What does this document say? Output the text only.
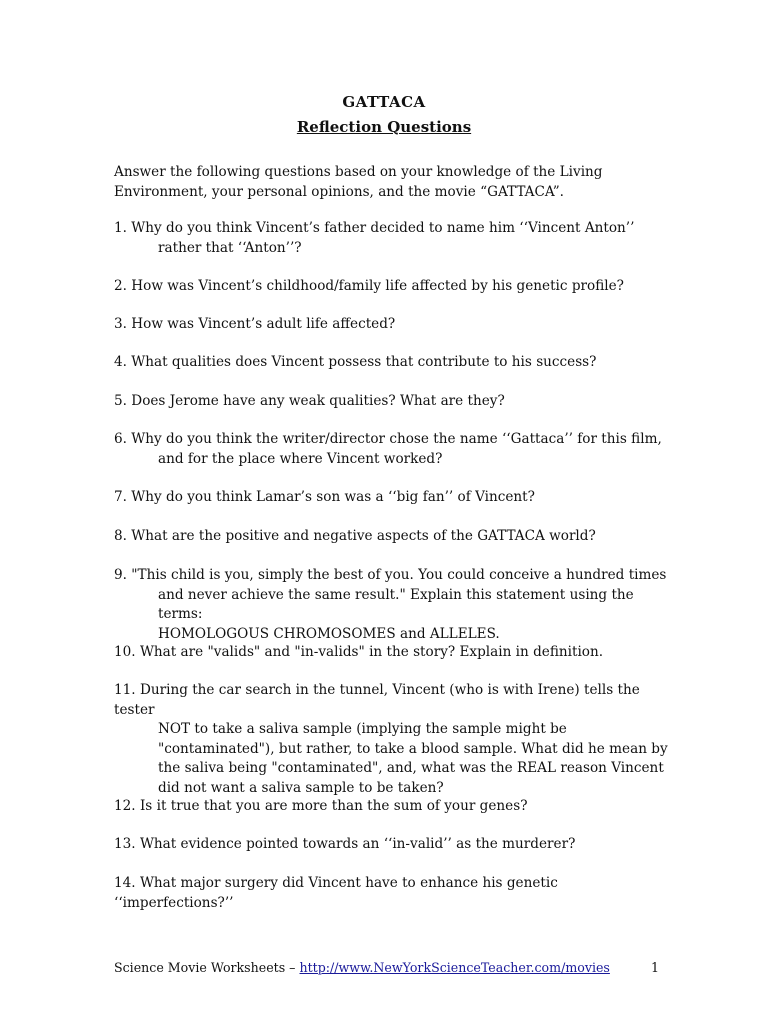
GATTACA
Reflection Questions
Answer the following questions based on your knowledge of the Living
Environment, your personal opinions, and the movie “GATTACA”.
1. Why do you think Vincent’s father decided to name him ‘‘Vincent Anton’’
rather that ‘‘Anton’’?
2. How was Vincent’s childhood/family life affected by his genetic profile?
3. How was Vincent’s adult life affected?
4. What qualities does Vincent possess that contribute to his success?
5. Does Jerome have any weak qualities? What are they?
6. Why do you think the writer/director chose the name ‘‘Gattaca’’ for this film,
and for the place where Vincent worked?
7. Why do you think Lamar’s son was a ‘‘big fan’’ of Vincent?
8. What are the positive and negative aspects of the GATTACA world?
9. "This child is you, simply the best of you. You could conceive a hundred times
and never achieve the same result." Explain this statement using the terms:
HOMOLOGOUS CHROMOSOMES and ALLELES.
10. What are "valids" and "in-valids" in the story? Explain in definition.
11. During the car search in the tunnel, Vincent (who is with Irene) tells the tester
NOT to take a saliva sample (implying the sample might be
"contaminated"), but rather, to take a blood sample. What did he mean by
the saliva being "contaminated", and, what was the REAL reason Vincent
did not want a saliva sample to be taken?
12. Is it true that you are more than the sum of your genes?
13. What evidence pointed towards an ‘‘in-valid’’ as the murderer?
14. What major surgery did Vincent have to enhance his genetic ‘‘imperfections?’’
Science Movie Worksheets – http://www.NewYorkScienceTeacher.com/movies	1
